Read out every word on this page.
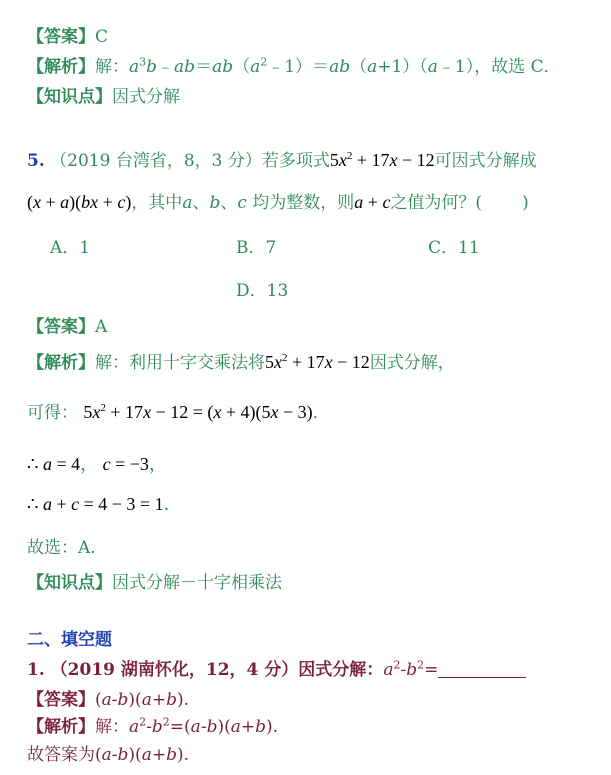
【答案】C
【解析】解：$a^3b﹣ab=ab(a^2﹣1)=ab(a+1)(a﹣1)$，故选 C．
【知识点】因式分解
5. （2019 台湾省，8，3 分）若多项式$5x^2 + 17x - 12$可因式分解成
(x + a)(bx + c)，其中a、b、c 均为整数，则a + c之值为何？( )
A．1	B．7	C．11
D．13
【答案】A
【解析】解：利用十字交乘法将$5x^2 + 17x - 12$因式分解，
可得： $5x^2 + 17x - 12 = (x + 4)(5x - 3)$．
∴ a = 4， c = −3，
∴ a + c = 4 − 3 = 1．
故选：A.
【知识点】因式分解－十字相乘法
二、填空题
1. （2019 湖南怀化，12，4 分）因式分解：$a^2-b^2=$
【答案】(a-b)(a+b).
【解析】解：$a^2-b^2=(a-b)(a+b)$.
故答案为(a-b)(a+b).
